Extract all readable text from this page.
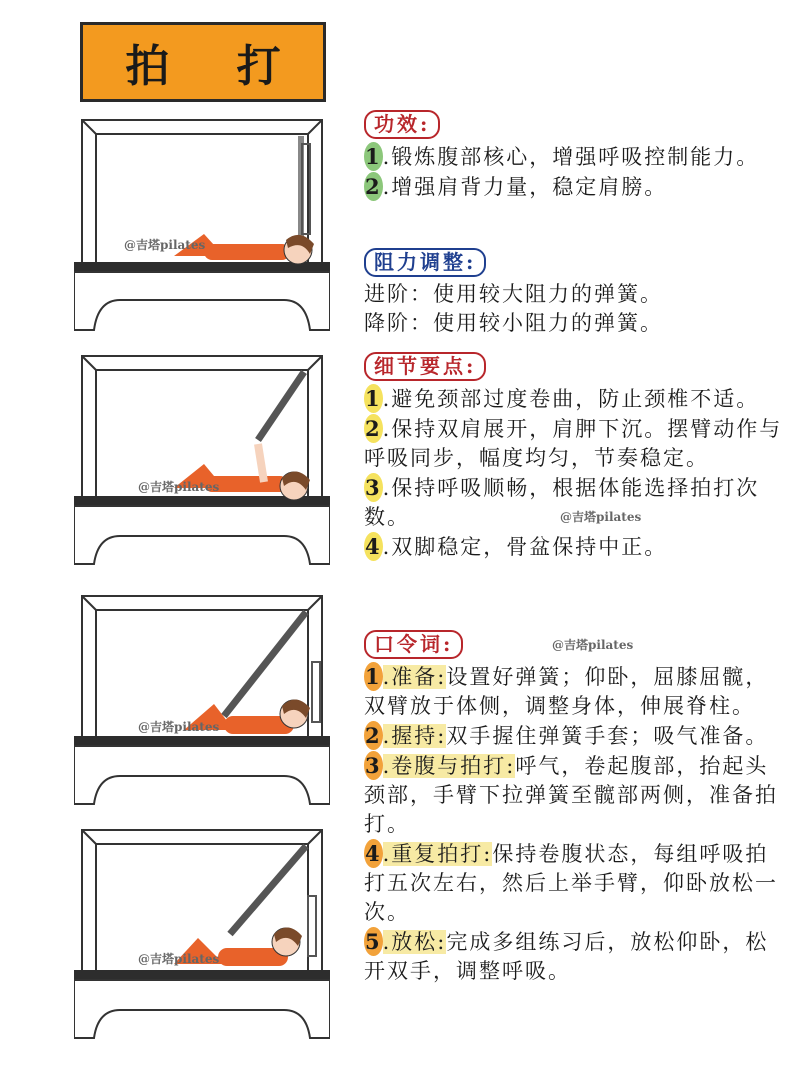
拍 打
@吉塔pilates
@吉塔pilates
@吉塔pilates
@吉塔pilates
功效:
1.锻炼腹部核心，增强呼吸控制能力。
2.增强肩背力量，稳定肩膀。
阻力调整:
进阶：使用较大阻力的弹簧。
降阶：使用较小阻力的弹簧。
细节要点:
1.避免颈部过度卷曲，防止颈椎不适。
2.保持双肩展开，肩胛下沉。摆臂动作与呼吸同步，幅度均匀，节奏稳定。
3.保持呼吸顺畅，根据体能选择拍打次数。
4.双脚稳定，骨盆保持中正。
@吉塔pilates
口令词:
1.准备:设置好弹簧；仰卧，屈膝屈髋，双臂放于体侧，调整身体，伸展脊柱。
2.握持:双手握住弹簧手套；吸气准备。
3.卷腹与拍打:呼气，卷起腹部，抬起头颈部，手臂下拉弹簧至髋部两侧，准备拍打。
4.重复拍打:保持卷腹状态，每组呼吸拍打五次左右，然后上举手臂，仰卧放松一次。
5.放松:完成多组练习后，放松仰卧，松开双手，调整呼吸。
@吉塔pilates
